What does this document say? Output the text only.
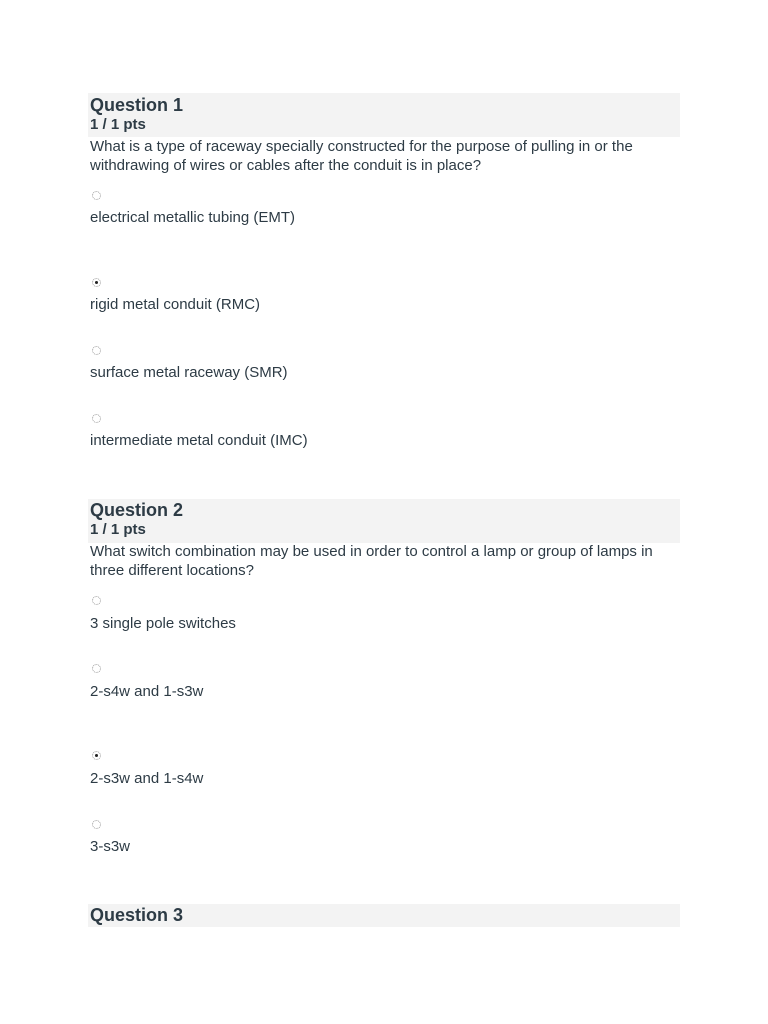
Question 1
1 / 1 pts
What is a type of raceway specially constructed for the purpose of pulling in or the withdrawing of wires or cables after the conduit is in place?
electrical metallic tubing (EMT)
rigid metal conduit (RMC)
surface metal raceway (SMR)
intermediate metal conduit (IMC)
Question 2
1 / 1 pts
What switch combination may be used in order to control a lamp or group of lamps in three different locations?
3 single pole switches
2-s4w and 1-s3w
2-s3w and 1-s4w
3-s3w
Question 3
